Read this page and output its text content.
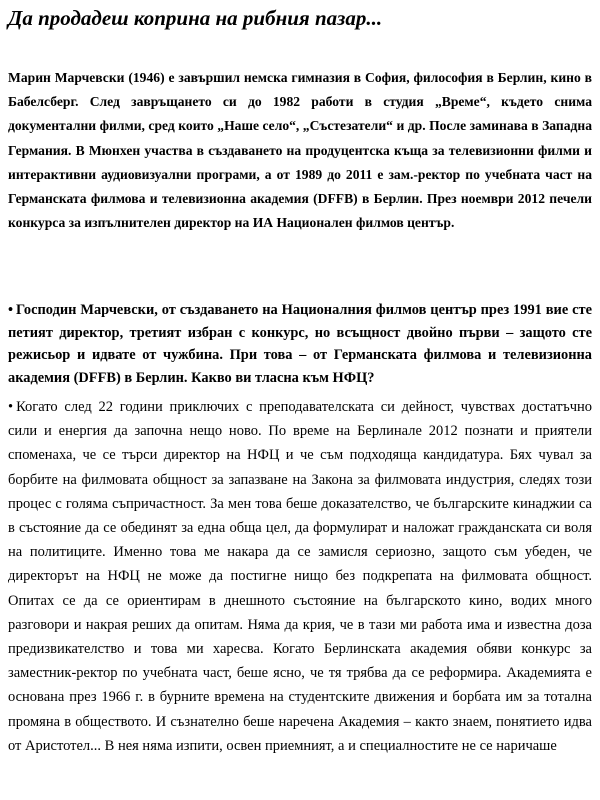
Да продадеш коприна на рибния пазар...

Марин Марчевски (1946) е завършил немска гимназия в София, философия в Берлин, кино в Бабелсберг. След завръщането си до 1982 работи в студия „Време“, където снима документални филми, сред които „Наше село“, „Състезатели“ и др. После заминава в Западна Германия. В Мюнхен участва в създаването на продуцентска къща за телевизионни филми и интерактивни аудиовизуални програми, а от 1989 до 2011 е зам.-ректор по учебната част на Германската филмова и телевизионна академия (DFFB) в Берлин. През ноември 2012 печели конкурса за изпълнителен директор на ИА Национален филмов център.

• Господин Марчевски, от създаването на Националния филмов център през 1991 вие сте петият директор, третият избран с конкурс, но всъщност двойно първи – защото сте режисьор и идвате от чужбина. При това – от Германската филмова и телевизионна академия (DFFB) в Берлин. Какво ви тласна към НФЦ?

• Когато след 22 години приключих с преподавателската си дейност, чувствах достатъчно сили и енергия да започна нещо ново. По време на Берлинале 2012 познати и приятели споменаха, че се търси директор на НФЦ и че съм подходяща кандидатура. Бях чувал за борбите на филмовата общност за запазване на Закона за филмовата индустрия, следях този процес с голяма съпричастност. За мен това беше доказателство, че българските кинаджии са в състояние да се обединят за една обща цел, да формулират и наложат гражданската си воля на политиците. Именно това ме накара да се замисля сериозно, защото съм убеден, че директорът на НФЦ не може да постигне нищо без подкрепата на филмовата общност. Опитах се да се ориентирам в днешното състояние на българското кино, водих много разговори и накрая реших да опитам. Няма да крия, че в тази ми работа има и известна доза предизвикателство и това ми харесва. Когато Берлинската академия обяви конкурс за заместник-ректор по учебната част, беше ясно, че тя трябва да се реформира. Академията е основана през 1966 г. в бурните времена на студентските движения и борбата им за тотална промяна в обществото. И съзнателно беше наречена Академия – както знаем, понятието идва от Аристотел... В нея няма изпити, освен приемният, а и специалностите не се наричаше
